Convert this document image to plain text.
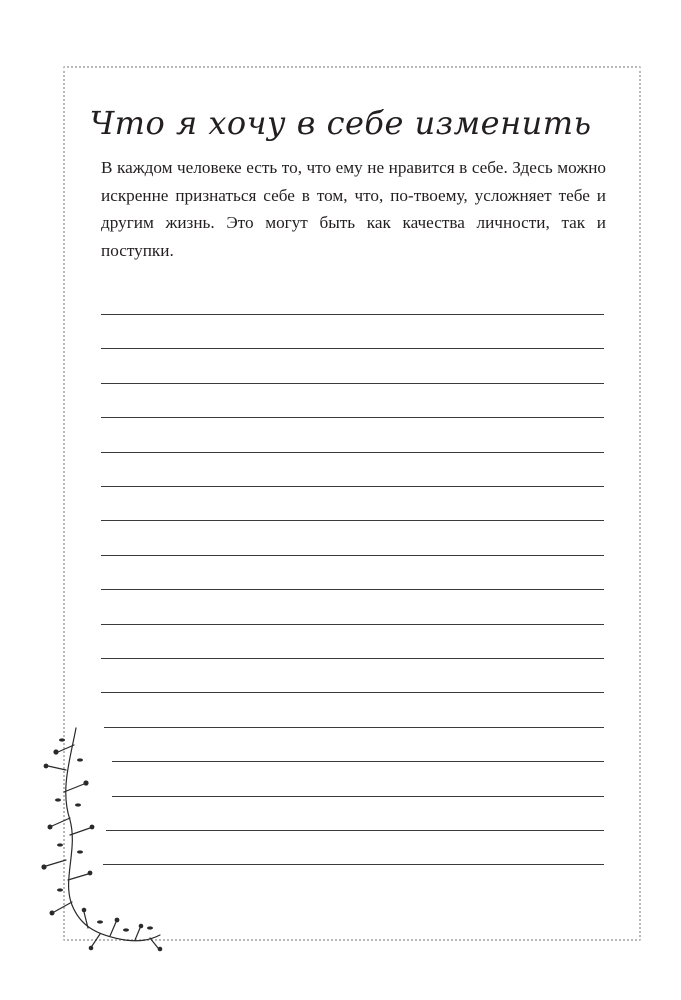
Что я хочу в себе изменить
В каждом человеке есть то, что ему не нравится в себе. Здесь можно искренне признаться себе в том, что, по-твоему, усложняет тебе и другим жизнь. Это могут быть как качества личности, так и поступки.
